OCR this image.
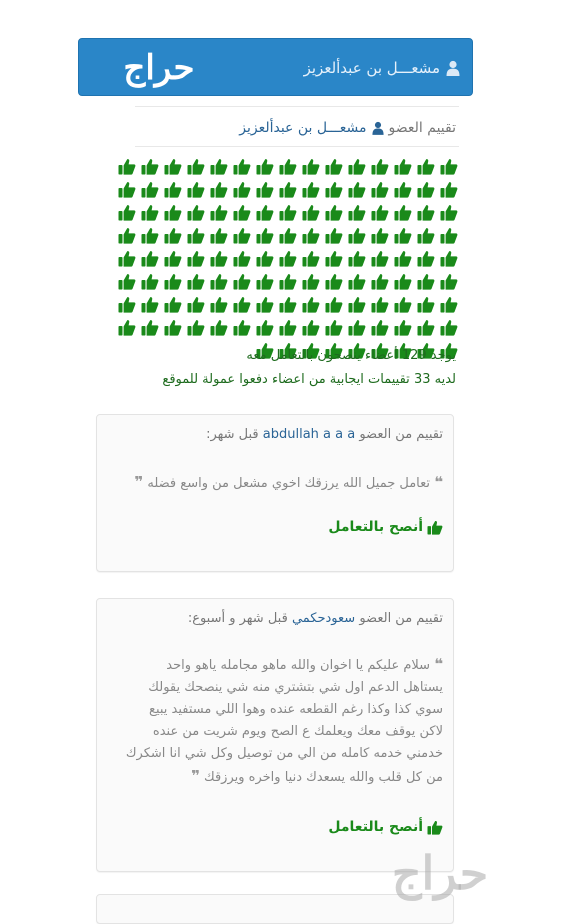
حراج	مشعـــل بن عبدألعزيز
تقييم العضو
مشعـــل بن عبدألعزيز
يوجد 129 أعضاء ينصحون بالتعامل معه
لديه 33 تقييمات ايجابية من اعضاء دفعوا عمولة للموقع
تقييم من العضو abdullah a a a قبل شهر:
❝ تعامل جميل الله يرزقك اخوي مشعل من واسع فضله ❞
أنصح بالتعامل
تقييم من العضو سعودحكمي قبل شهر و أسبوع:
❝ سلام عليكم يا اخوان والله ماهو مجامله ياهو واحد
يستاهل الدعم اول شي بتشتري منه شي ينصحك يقولك
سوي كذا وكذا رغم القطعه عنده وهوا اللي مستفيد يبيع
لاكن يوقف معك ويعلمك ع الصح ويوم شريت من عنده
خدمني خدمه كامله من الي من توصيل وكل شي انا اشكرك
من كل قلب والله يسعدك دنيا واخره ويرزقك ❞
أنصح بالتعامل
حراج
